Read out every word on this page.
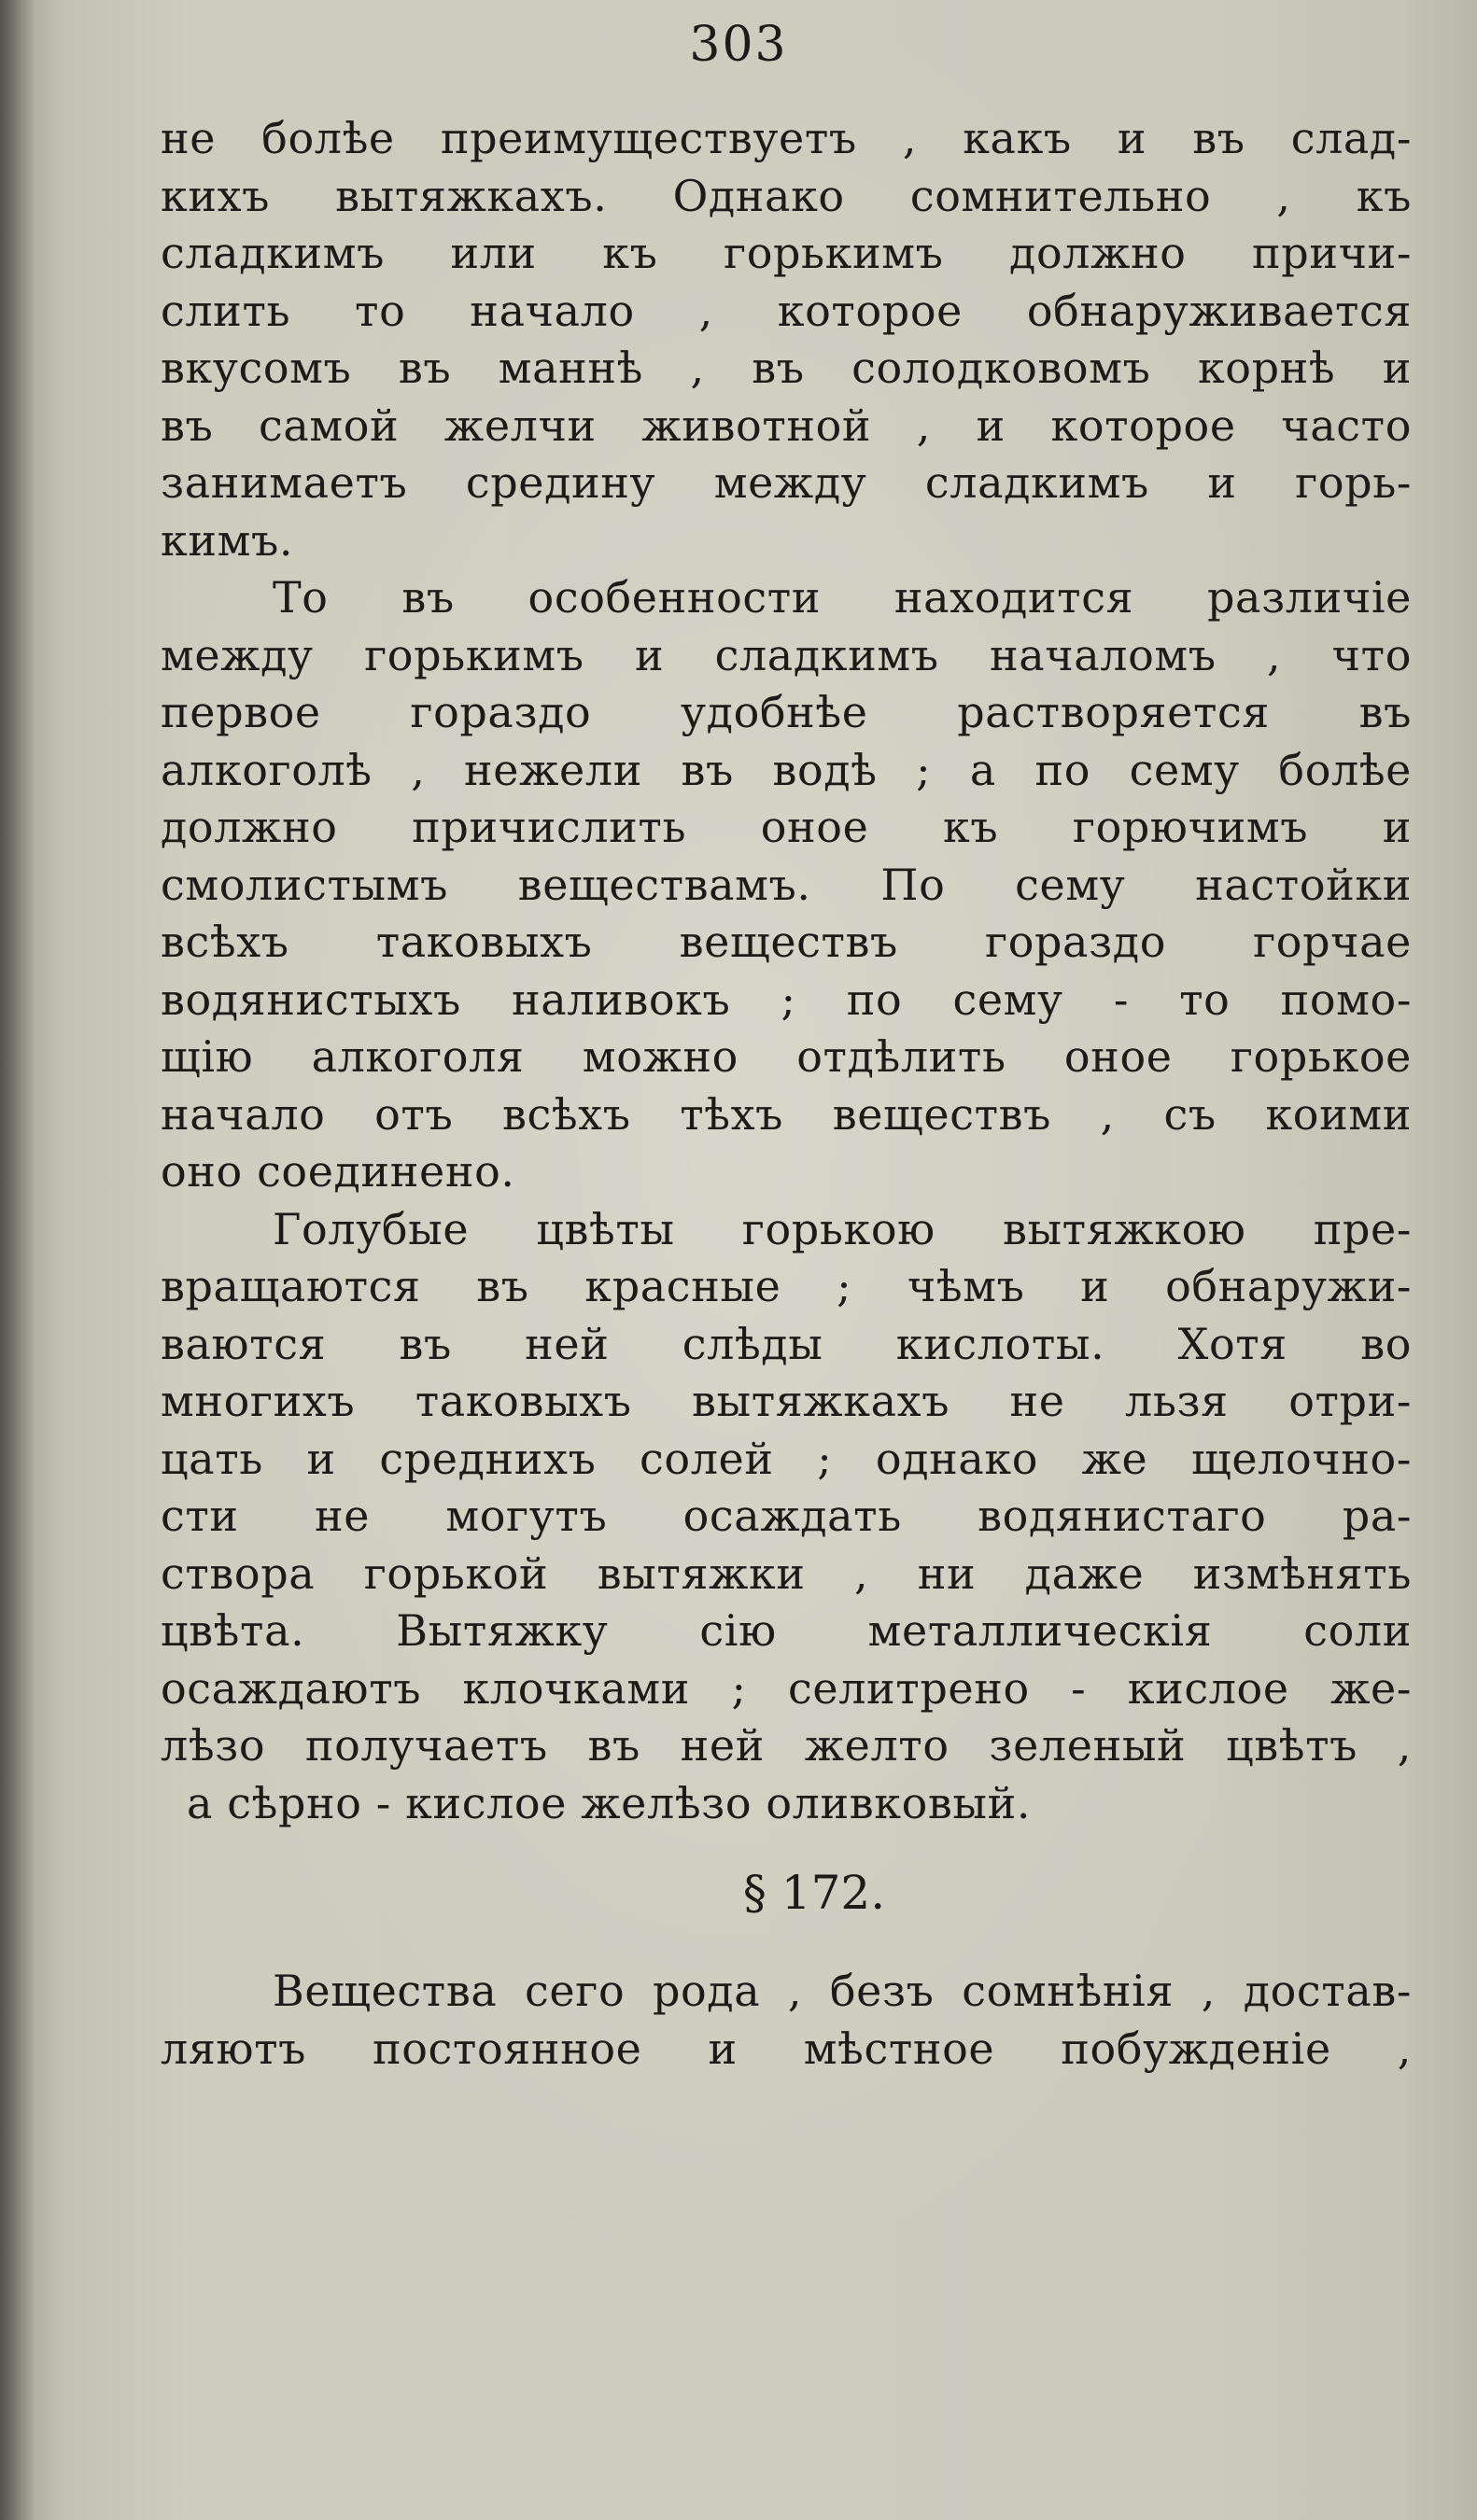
303
не болѣе преимуществуетъ , какъ и въ слад-
кихъ вытяжкахъ. Однако сомнительно , къ
сладкимъ или къ горькимъ должно причи-
слить то начало , которое обнаруживается
вкусомъ въ маннѣ , въ солодковомъ корнѣ и
въ самой желчи животной , и которое часто
занимаетъ средину между сладкимъ и горь-
кимъ.
То въ особенности находится различіе
между горькимъ и сладкимъ началомъ , что
первое гораздо удобнѣе растворяется въ
алкоголѣ , нежели въ водѣ ; а по сему болѣе
должно причислить оное къ горючимъ и
смолистымъ веществамъ. По сему настойки
всѣхъ таковыхъ веществъ гораздо горчае
водянистыхъ наливокъ ; по сему - то помо-
щію алкоголя можно отдѣлить оное горькое
начало отъ всѣхъ тѣхъ веществъ , съ коими
оно соединено.
Голубые цвѣты горькою вытяжкою пре-
вращаются въ красные ; чѣмъ и обнаружи-
ваются въ ней слѣды кислоты. Хотя во
многихъ таковыхъ вытяжкахъ не льзя отри-
цать и среднихъ солей ; однако же щелочно-
сти не могутъ осаждать водянистаго ра-
створа горькой вытяжки , ни даже измѣнять
цвѣта. Вытяжку сію металлическія соли
осаждаютъ клочками ; селитрено - кислое же-
лѣзо получаетъ въ ней желто зеленый цвѣтъ ,
а сѣрно - кислое желѣзо оливковый.
§ 172.
Вещества сего рода , безъ сомнѣнія , достав-
ляютъ постоянное и мѣстное побужденіе ,
